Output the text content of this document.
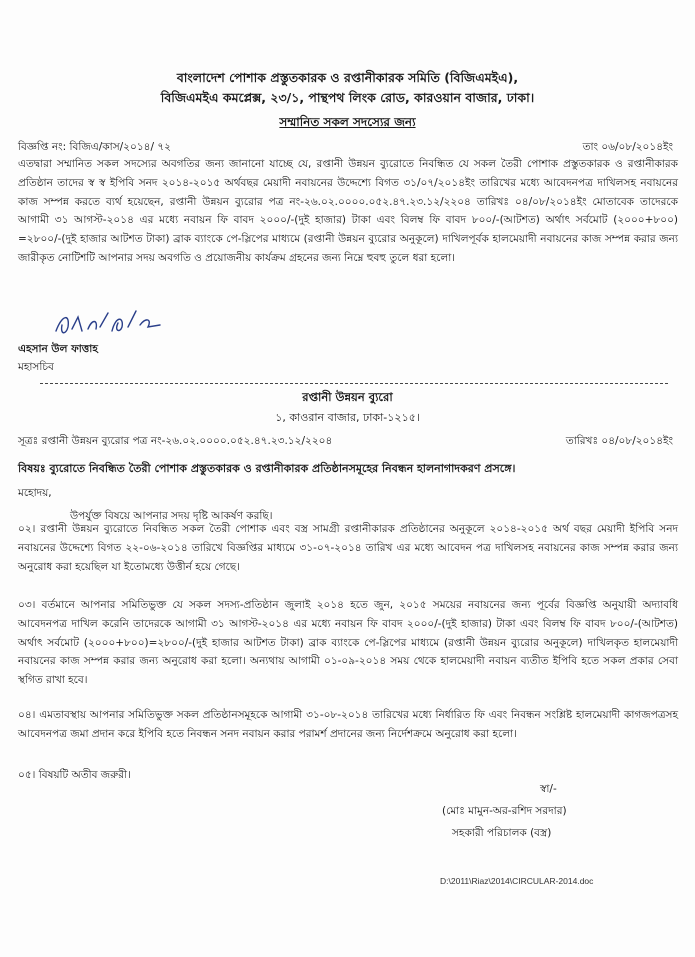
বাংলাদেশ পোশাক প্রস্তুতকারক ও রপ্তানীকারক সমিতি (বিজিএমইএ),
বিজিএমইএ কমপ্লেক্স, ২৩/১, পান্থপথ লিংক রোড, কারওয়ান বাজার, ঢাকা।
সম্মানিত সকল সদস্যের জন্য
বিজ্ঞপ্তি নং: বিজিএ/কাস/২০১৪/ ৭২	তাং ০৬/০৮/২০১৪ইং
এতদ্বারা সম্মানিত সকল সদস্যের অবগতির জন্য জানানো যাচ্ছে যে, রপ্তানী উন্নয়ন ব্যুরোতে নিবন্ধিত যে সকল তৈরী পোশাক প্রস্তুতকারক ও রপ্তানীকারক প্রতিষ্ঠান তাদের স্ব স্ব ইপিবি সনদ ২০১৪-২০১৫ অর্থবছর মেয়াদী নবায়নের উদ্দেশ্যে বিগত ৩১/০৭/২০১৪ইং তারিখের মধ্যে আবেদনপত্র দাখিলসহ নবায়নের কাজ সম্পন্ন করতে ব্যর্থ হয়েছেন, রপ্তানী উন্নয়ন ব্যুরোর পত্র নং-২৬.০২.০০০০.০৫২.৪৭.২৩.১২/২২০৪ তারিখঃ ০৪/০৮/২০১৪ইং মোতাবেক তাদেরকে আগামী ৩১ আগস্ট-২০১৪ এর মধ্যে নবায়ন ফি বাবদ ২০০০/-(দুই হাজার) টাকা এবং বিলম্ব ফি বাবদ ৮০০/-(আটশত) অর্থাৎ সর্বমোট (২০০০+৮০০) =২৮০০/-(দুই হাজার আটশত টাকা) ব্রাক ব্যাংকে পে-স্লিপের মাধ্যমে (রপ্তানী উন্নয়ন ব্যুরোর অনুকূলে) দাখিলপূর্বক হালমেয়াদী নবায়নের কাজ সম্পন্ন করার জন্য জারীকৃত নোটিশটি আপনার সদয় অবগতি ও প্রয়োজনীয় কার্যক্রম গ্রহনের জন্য নিম্নে হুবহু তুলে ধরা হলো।
এহসান উল ফাত্তাহ
মহাসচিব
রপ্তানী উন্নয়ন ব্যুরো
১, কাওরান বাজার, ঢাকা-১২১৫।
সূত্রঃ রপ্তানী উন্নয়ন ব্যুরোর পত্র নং-২৬.০২.০০০০.০৫২.৪৭.২৩.১২/২২০৪	তারিখঃ ০৪/০৮/২০১৪ইং
বিষয়ঃ ব্যুরোতে নিবন্ধিত তৈরী পোশাক প্রস্তুতকারক ও রপ্তানীকারক প্রতিষ্ঠানসমূহের নিবন্ধন হালনাগাদকরণ প্রসঙ্গে।
মহোদয়,
উপর্যুক্ত বিষয়ে আপনার সদয় দৃষ্টি আকর্ষণ করছি।
০২। রপ্তানী উন্নয়ন ব্যুরোতে নিবন্ধিত সকল তৈরী পোশাক এবং বস্ত্র সামগ্রী রপ্তানীকারক প্রতিষ্ঠানের অনুকূলে ২০১৪-২০১৫ অর্থ বছর মেয়াদী ইপিবি সনদ নবায়নের উদ্দেশ্যে বিগত ২২-০৬-২০১৪ তারিখে বিজ্ঞপ্তির মাধ্যমে ৩১-০৭-২০১৪ তারিখ এর মধ্যে আবেদন পত্র দাখিলসহ নবায়নের কাজ সম্পন্ন করার জন্য অনুরোধ করা হয়েছিল যা ইতোমধ্যে উত্তীর্ন হয়ে গেছে।
০৩। বর্তমানে আপনার সমিতিভুক্ত যে সকল সদস্য-প্রতিষ্ঠান জুলাই ২০১৪ হতে জুন, ২০১৫ সময়ের নবায়নের জন্য পূর্বের বিজ্ঞপ্তি অনুযায়ী অদ্যাবধি আবেদনপত্র দাখিল করেনি তাদেরকে আগামী ৩১ আগস্ট-২০১৪ এর মধ্যে নবায়ন ফি বাবদ ২০০০/-(দুই হাজার) টাকা এবং বিলম্ব ফি বাবদ ৮০০/-(আটশত) অর্থাৎ সর্বমোট (২০০০+৮০০)=২৮০০/-(দুই হাজার আটশত টাকা) ব্রাক ব্যাংকে পে-স্লিপের মাধ্যমে (রপ্তানী উন্নয়ন ব্যুরোর অনুকূলে) দাখিলকৃত হালমেয়াদী নবায়নের কাজ সম্পন্ন করার জন্য অনুরোধ করা হলো। অন্যথায় আগামী ০১-০৯-২০১৪ সময় থেকে হালমেয়াদী নবায়ন ব্যতীত ইপিবি হতে সকল প্রকার সেবা স্থগিত রাখা হবে।
০৪। এমতাবস্থায় আপনার সমিতিভুক্ত সকল প্রতিষ্ঠানসমূহকে আগামী ৩১-০৮-২০১৪ তারিখের মধ্যে নির্ধারিত ফি এবং নিবন্ধন সংশ্লিষ্ট হালমেয়াদী কাগজপত্রসহ আবেদনপত্র জমা প্রদান করে ইপিবি হতে নিবন্ধন সনদ নবায়ন করার পরামর্শ প্রদানের জন্য নির্দেশক্রমে অনুরোধ করা হলো।
০৫। বিষয়টি অতীব জরুরী।
স্বা/-
(মোঃ মামুন-অর-রশিদ সরদার)
সহকারী পরিচালক (বস্ত্র)
D:\2011\Riaz\2014\CIRCULAR-2014.doc
